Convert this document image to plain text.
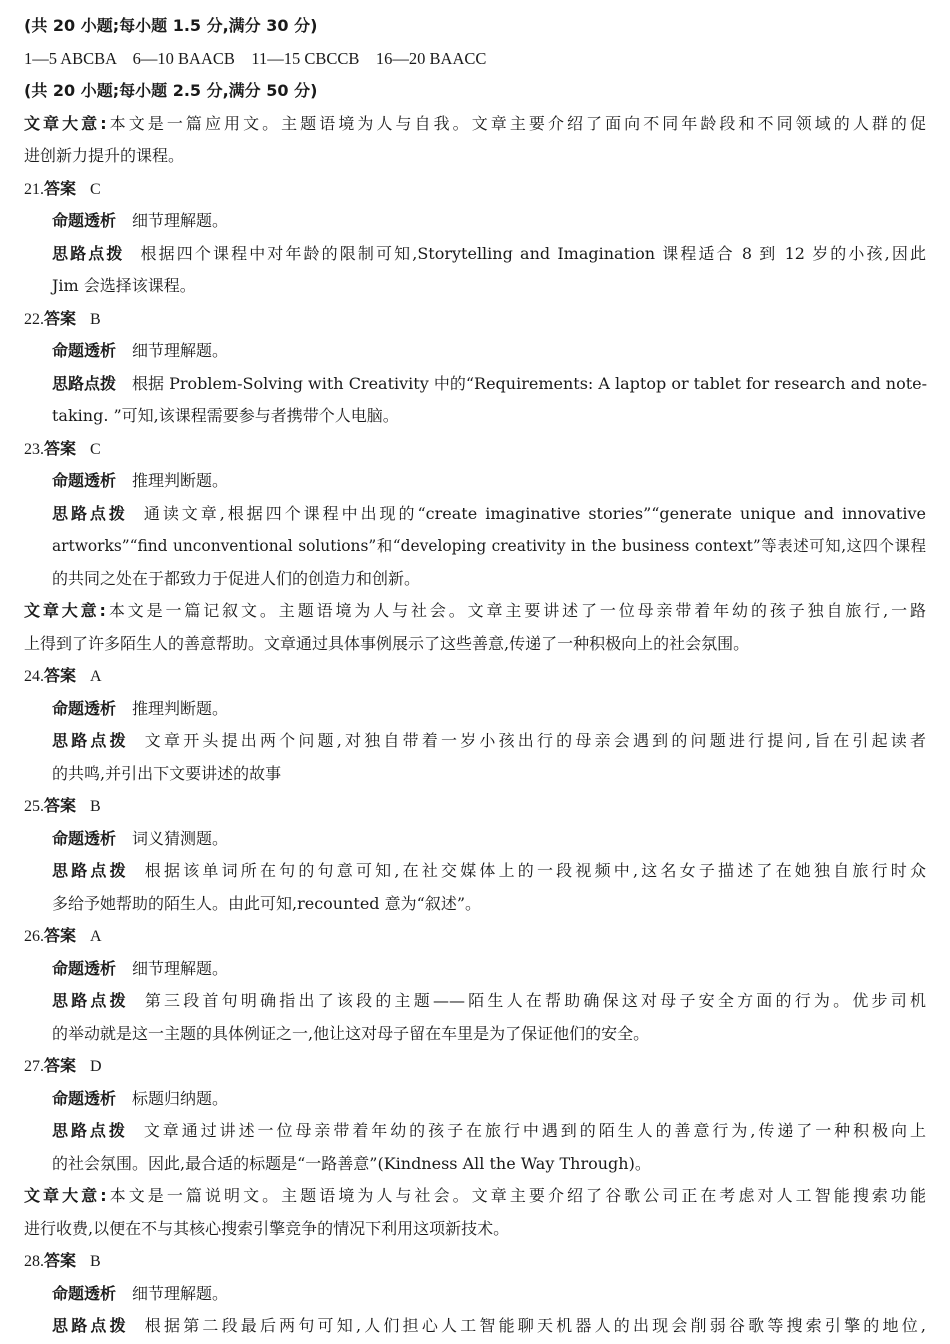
(共 20 小题;每小题 1.5 分,满分 30 分)
1—5 ABCBA    6—10 BAACB    11—15 CBCCB    16—20 BAACC
(共 20 小题;每小题 2.5 分,满分 50 分)
文章大意:本文是一篇应用文。主题语境为人与自我。文章主要介绍了面向不同年龄段和不同领域的人群的促
进创新力提升的课程。
21.答案 C
命题透析 细节理解题。
思路点拨 根据四个课程中对年龄的限制可知,Storytelling and Imagination 课程适合 8 到 12 岁的小孩,因此
Jim 会选择该课程。
22.答案 B
命题透析 细节理解题。
思路点拨 根据 Problem-Solving with Creativity 中的“Requirements: A laptop or tablet for research and note-
taking. ”可知,该课程需要参与者携带个人电脑。
23.答案 C
命题透析 推理判断题。
思路点拨 通读文章,根据四个课程中出现的“create imaginative stories”“generate unique and innovative
artworks”“find unconventional solutions”和“developing creativity in the business context”等表述可知,这四个课程
的共同之处在于都致力于促进人们的创造力和创新。
文章大意:本文是一篇记叙文。主题语境为人与社会。文章主要讲述了一位母亲带着年幼的孩子独自旅行,一路
上得到了许多陌生人的善意帮助。文章通过具体事例展示了这些善意,传递了一种积极向上的社会氛围。
24.答案 A
命题透析 推理判断题。
思路点拨 文章开头提出两个问题,对独自带着一岁小孩出行的母亲会遇到的问题进行提问,旨在引起读者
的共鸣,并引出下文要讲述的故事
25.答案 B
命题透析 词义猜测题。
思路点拨 根据该单词所在句的句意可知,在社交媒体上的一段视频中,这名女子描述了在她独自旅行时众
多给予她帮助的陌生人。由此可知,recounted 意为“叙述”。
26.答案 A
命题透析 细节理解题。
思路点拨 第三段首句明确指出了该段的主题——陌生人在帮助确保这对母子安全方面的行为。优步司机
的举动就是这一主题的具体例证之一,他让这对母子留在车里是为了保证他们的安全。
27.答案 D
命题透析 标题归纳题。
思路点拨 文章通过讲述一位母亲带着年幼的孩子在旅行中遇到的陌生人的善意行为,传递了一种积极向上
的社会氛围。因此,最合适的标题是“一路善意”(Kindness All the Way Through)。
文章大意:本文是一篇说明文。主题语境为人与社会。文章主要介绍了谷歌公司正在考虑对人工智能搜索功能
进行收费,以便在不与其核心搜索引擎竞争的情况下利用这项新技术。
28.答案 B
命题透析 细节理解题。
思路点拨 根据第二段最后两句可知,人们担心人工智能聊天机器人的出现会削弱谷歌等搜索引擎的地位,
